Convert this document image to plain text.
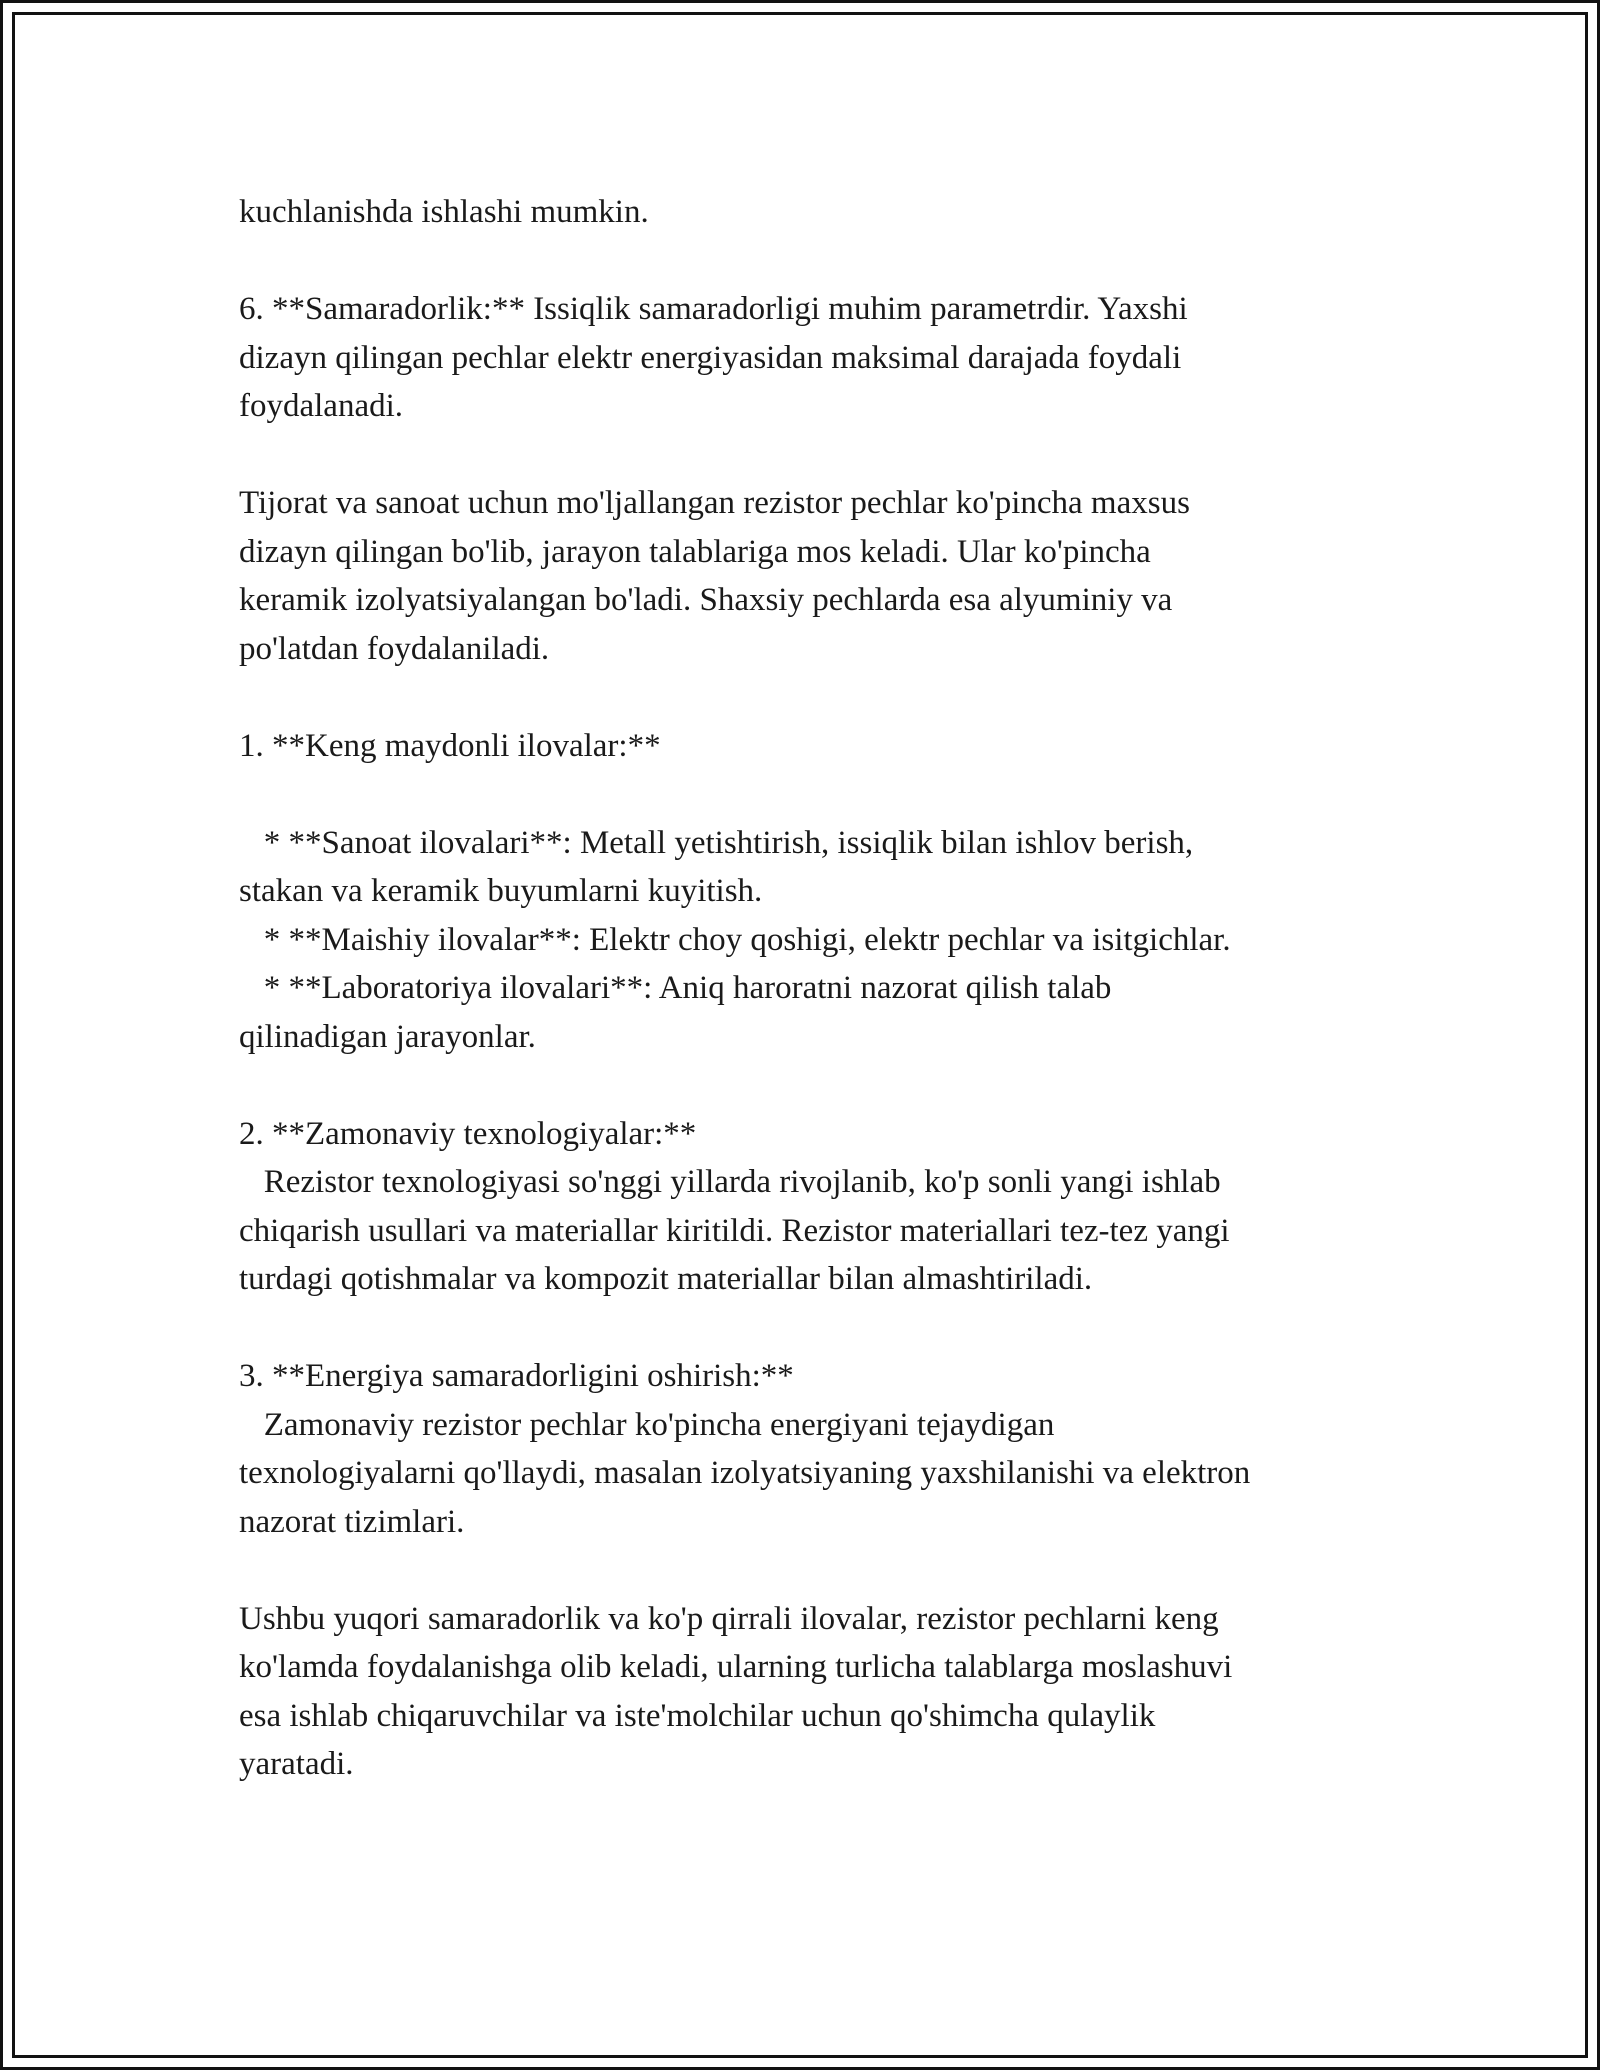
kuchlanishda ishlashi mumkin.
6. **Samaradorlik:** Issiqlik samaradorligi muhim parametrdir. Yaxshi
dizayn qilingan pechlar elektr energiyasidan maksimal darajada foydali
foydalanadi.
Tijorat va sanoat uchun mo'ljallangan rezistor pechlar ko'pincha maxsus
dizayn qilingan bo'lib, jarayon talablariga mos keladi. Ular ko'pincha
keramik izolyatsiyalangan bo'ladi. Shaxsiy pechlarda esa alyuminiy va
po'latdan foydalaniladi.
1. **Keng maydonli ilovalar:**
* **Sanoat ilovalari**: Metall yetishtirish, issiqlik bilan ishlov berish,
stakan va keramik buyumlarni kuyitish.
* **Maishiy ilovalar**: Elektr choy qoshigi, elektr pechlar va isitgichlar.
* **Laboratoriya ilovalari**: Aniq haroratni nazorat qilish talab
qilinadigan jarayonlar.
2. **Zamonaviy texnologiyalar:**
Rezistor texnologiyasi so'nggi yillarda rivojlanib, ko'p sonli yangi ishlab
chiqarish usullari va materiallar kiritildi. Rezistor materiallari tez-tez yangi
turdagi qotishmalar va kompozit materiallar bilan almashtiriladi.
3. **Energiya samaradorligini oshirish:**
Zamonaviy rezistor pechlar ko'pincha energiyani tejaydigan
texnologiyalarni qo'llaydi, masalan izolyatsiyaning yaxshilanishi va elektron
nazorat tizimlari.
Ushbu yuqori samaradorlik va ko'p qirrali ilovalar, rezistor pechlarni keng
ko'lamda foydalanishga olib keladi, ularning turlicha talablarga moslashuvi
esa ishlab chiqaruvchilar va iste'molchilar uchun qo'shimcha qulaylik
yaratadi.
